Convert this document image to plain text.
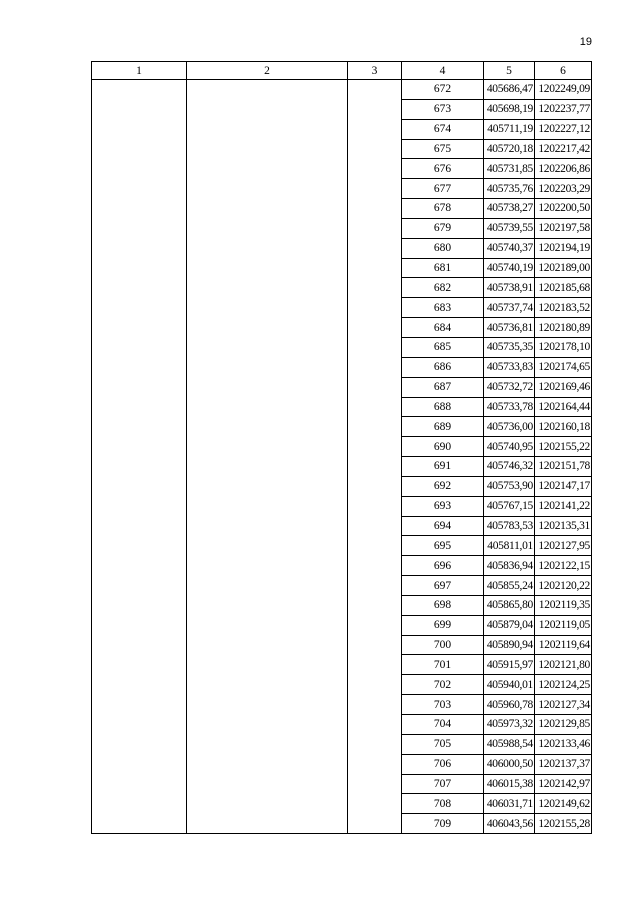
19
1	2	3	4	5	6
			672	405686,47	1202249,09
			673	405698,19	1202237,77
			674	405711,19	1202227,12
			675	405720,18	1202217,42
			676	405731,85	1202206,86
			677	405735,76	1202203,29
			678	405738,27	1202200,50
			679	405739,55	1202197,58
			680	405740,37	1202194,19
			681	405740,19	1202189,00
			682	405738,91	1202185,68
			683	405737,74	1202183,52
			684	405736,81	1202180,89
			685	405735,35	1202178,10
			686	405733,83	1202174,65
			687	405732,72	1202169,46
			688	405733,78	1202164,44
			689	405736,00	1202160,18
			690	405740,95	1202155,22
			691	405746,32	1202151,78
			692	405753,90	1202147,17
			693	405767,15	1202141,22
			694	405783,53	1202135,31
			695	405811,01	1202127,95
			696	405836,94	1202122,15
			697	405855,24	1202120,22
			698	405865,80	1202119,35
			699	405879,04	1202119,05
			700	405890,94	1202119,64
			701	405915,97	1202121,80
			702	405940,01	1202124,25
			703	405960,78	1202127,34
			704	405973,32	1202129,85
			705	405988,54	1202133,46
			706	406000,50	1202137,37
			707	406015,38	1202142,97
			708	406031,71	1202149,62
			709	406043,56	1202155,28
